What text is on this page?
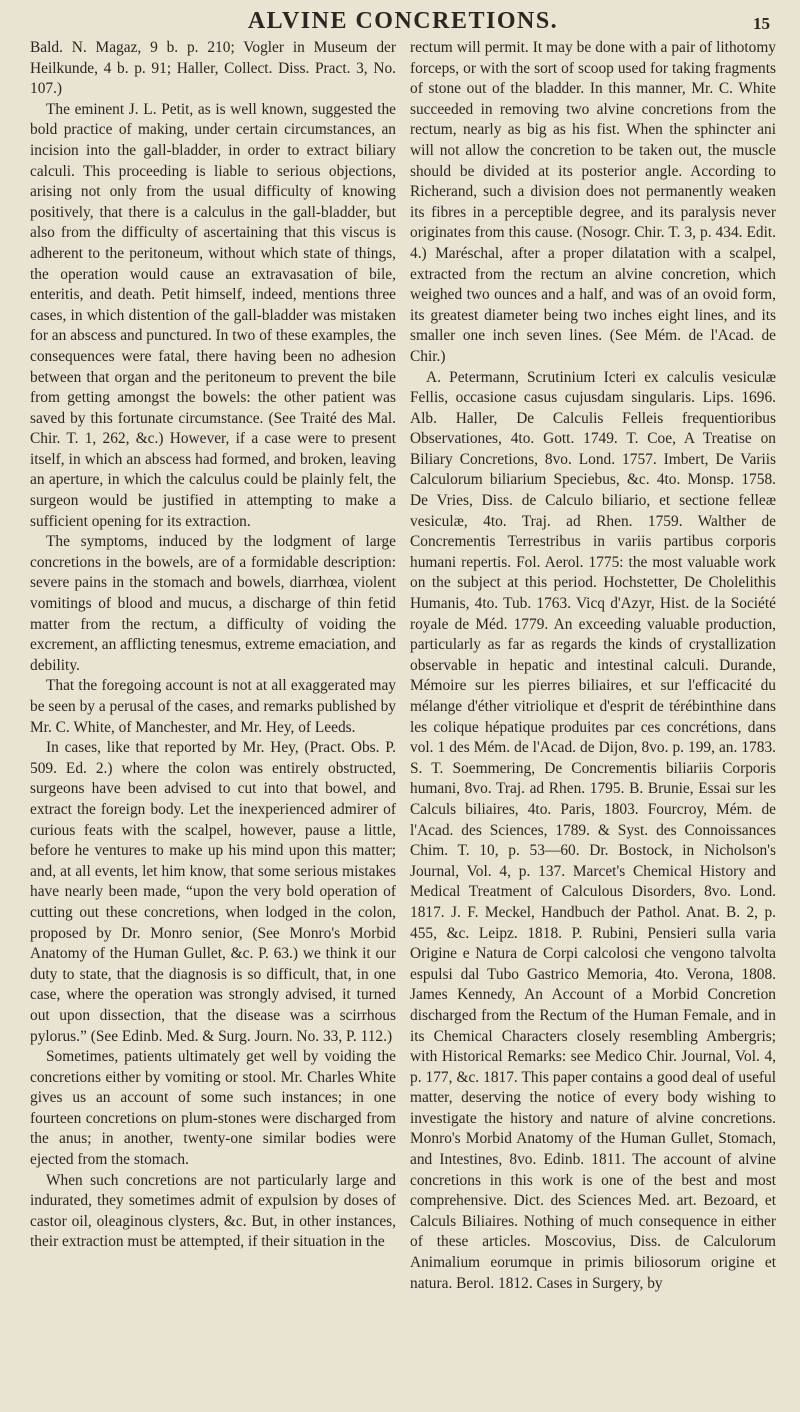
ALVINE CONCRETIONS.	15

Bald. N. Magaz, 9 b. p. 210; Vogler in Museum der Heilkunde, 4 b. p. 91; Haller, Collect. Diss. Pract. 3, No. 107.)

The eminent J. L. Petit, as is well known, suggested the bold practice of making, under certain circumstances, an incision into the gall-bladder, in order to extract biliary calculi. This proceeding is liable to serious objections, arising not only from the usual difficulty of knowing positively, that there is a calculus in the gall-bladder, but also from the difficulty of ascertaining that this viscus is adherent to the peritoneum, without which state of things, the operation would cause an extravasation of bile, enteritis, and death. Petit himself, indeed, mentions three cases, in which distention of the gall-bladder was mistaken for an abscess and punctured. In two of these examples, the consequences were fatal, there having been no adhesion between that organ and the peritoneum to prevent the bile from getting amongst the bowels: the other patient was saved by this fortunate circumstance. (See Traité des Mal. Chir. T. 1, 262, &c.) However, if a case were to present itself, in which an abscess had formed, and broken, leaving an aperture, in which the calculus could be plainly felt, the surgeon would be justified in attempting to make a sufficient opening for its extraction.

The symptoms, induced by the lodgment of large concretions in the bowels, are of a formidable description: severe pains in the stomach and bowels, diarrhœa, violent vomitings of blood and mucus, a discharge of thin fetid matter from the rectum, a difficulty of voiding the excrement, an afflicting tenesmus, extreme emaciation, and debility.

That the foregoing account is not at all exaggerated may be seen by a perusal of the cases, and remarks published by Mr. C. White, of Manchester, and Mr. Hey, of Leeds.

In cases, like that reported by Mr. Hey, (Pract. Obs. P. 509. Ed. 2.) where the colon was entirely obstructed, surgeons have been advised to cut into that bowel, and extract the foreign body. Let the inexperienced admirer of curious feats with the scalpel, however, pause a little, before he ventures to make up his mind upon this matter; and, at all events, let him know, that some serious mistakes have nearly been made, “upon the very bold operation of cutting out these concretions, when lodged in the colon, proposed by Dr. Monro senior, (See Monro's Morbid Anatomy of the Human Gullet, &c. P. 63.) we think it our duty to state, that the diagnosis is so difficult, that, in one case, where the operation was strongly advised, it turned out upon dissection, that the disease was a scirrhous pylorus.” (See Edinb. Med. & Surg. Journ. No. 33, P. 112.)

Sometimes, patients ultimately get well by voiding the concretions either by vomiting or stool. Mr. Charles White gives us an account of some such instances; in one fourteen concretions on plum-stones were discharged from the anus; in another, twenty-one similar bodies were ejected from the stomach.

When such concretions are not particularly large and indurated, they sometimes admit of expulsion by doses of castor oil, oleaginous clysters, &c. But, in other instances, their extraction must be attempted, if their situation in the

rectum will permit. It may be done with a pair of lithotomy forceps, or with the sort of scoop used for taking fragments of stone out of the bladder. In this manner, Mr. C. White succeeded in removing two alvine concretions from the rectum, nearly as big as his fist. When the sphincter ani will not allow the concretion to be taken out, the muscle should be divided at its posterior angle. According to Richerand, such a division does not permanently weaken its fibres in a perceptible degree, and its paralysis never originates from this cause. (Nosogr. Chir. T. 3, p. 434. Edit. 4.) Maréschal, after a proper dilatation with a scalpel, extracted from the rectum an alvine concretion, which weighed two ounces and a half, and was of an ovoid form, its greatest diameter being two inches eight lines, and its smaller one inch seven lines. (See Mém. de l'Acad. de Chir.)

A. Petermann, Scrutinium Icteri ex calculis vesiculæ Fellis, occasione casus cujusdam singularis. Lips. 1696. Alb. Haller, De Calculis Felleis frequentioribus Observationes, 4to. Gott. 1749. T. Coe, A Treatise on Biliary Concretions, 8vo. Lond. 1757. Imbert, De Variis Calculorum biliarium Speciebus, &c. 4to. Monsp. 1758. De Vries, Diss. de Calculo biliario, et sectione felleæ vesiculæ, 4to. Traj. ad Rhen. 1759. Walther de Concrementis Terrestribus in variis partibus corporis humani repertis. Fol. Aerol. 1775: the most valuable work on the subject at this period. Hochstetter, De Cholelithis Humanis, 4to. Tub. 1763. Vicq d'Azyr, Hist. de la Société royale de Méd. 1779. An exceeding valuable production, particularly as far as regards the kinds of crystallization observable in hepatic and intestinal calculi. Durande, Mémoire sur les pierres biliaires, et sur l'efficacité du mélange d'éther vitriolique et d'esprit de térébinthine dans les colique hépatique produites par ces concrétions, dans vol. 1 des Mém. de l'Acad. de Dijon, 8vo. p. 199, an. 1783. S. T. Soemmering, De Concrementis biliariis Corporis humani, 8vo. Traj. ad Rhen. 1795. B. Brunie, Essai sur les Calculs biliaires, 4to. Paris, 1803. Fourcroy, Mém. de l'Acad. des Sciences, 1789. & Syst. des Connoissances Chim. T. 10, p. 53—60. Dr. Bostock, in Nicholson's Journal, Vol. 4, p. 137. Marcet's Chemical History and Medical Treatment of Calculous Disorders, 8vo. Lond. 1817. J. F. Meckel, Handbuch der Pathol. Anat. B. 2, p. 455, &c. Leipz. 1818. P. Rubini, Pensieri sulla varia Origine e Natura de Corpi calcolosi che vengono talvolta espulsi dal Tubo Gastrico Memoria, 4to. Verona, 1808. James Kennedy, An Account of a Morbid Concretion discharged from the Rectum of the Human Female, and in its Chemical Characters closely resembling Ambergris; with Historical Remarks: see Medico Chir. Journal, Vol. 4, p. 177, &c. 1817. This paper contains a good deal of useful matter, deserving the notice of every body wishing to investigate the history and nature of alvine concretions. Monro's Morbid Anatomy of the Human Gullet, Stomach, and Intestines, 8vo. Edinb. 1811. The account of alvine concretions in this work is one of the best and most comprehensive. Dict. des Sciences Med. art. Bezoard, et Calculs Biliaires. Nothing of much consequence in either of these articles. Moscovius, Diss. de Calculorum Animalium eorumque in primis biliosorum origine et natura. Berol. 1812. Cases in Surgery, by
